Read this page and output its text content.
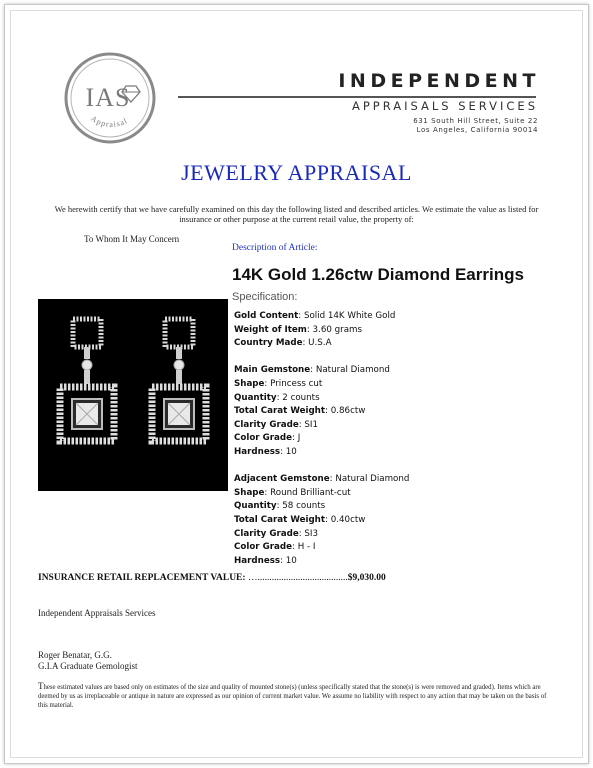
IAS
Appraisal
INDEPENDENT
APPRAISALS SERVICES
631 South Hill Street, Suite 22
Los Angeles, California 90014
JEWELRY APPRAISAL
We herewith certify that we have carefully examined on this day the following listed and described articles. We estimate the value as listed for insurance or other purpose at the current retail value, the property of:
To Whom It May Concern
Description of Article:
14K Gold 1.26ctw Diamond Earrings
Specification:
Gold Content: Solid 14K White Gold
Weight of Item: 3.60 grams
Country Made: U.S.A
Main Gemstone: Natural Diamond
Shape: Princess cut
Quantity: 2 counts
Total Carat Weight: 0.86ctw
Clarity Grade: SI1
Color Grade: J
Hardness: 10
Adjacent Gemstone: Natural Diamond
Shape: Round Brilliant-cut
Quantity: 58 counts
Total Carat Weight: 0.40ctw
Clarity Grade: SI3
Color Grade: H - I
Hardness: 10
INSURANCE RETAIL REPLACEMENT VALUE: …......................................$9,030.00
Independent Appraisals Services
Roger Benatar, G.G.
G.I.A Graduate Gemologist
These estimated values are based only on estimates of the size and quality of mounted stone(s) (unless specifically stated that the stone(s) is were removed and graded). Items which are deemed by us as irreplaceable or antique in nature are expressed as our opinion of current market value. We assume no liability with respect to any action that may be taken on the basis of this material.
